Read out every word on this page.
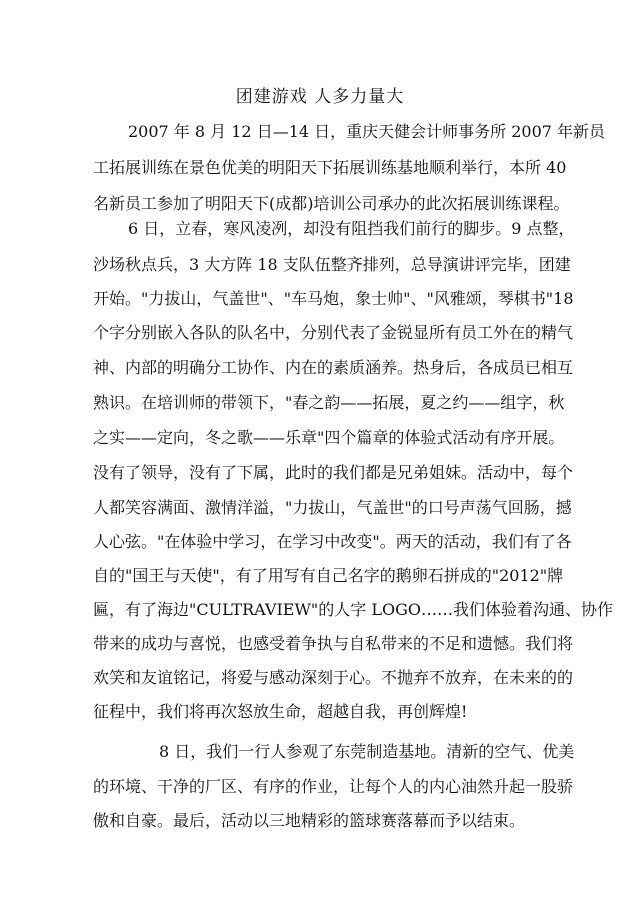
团建游戏 人多力量大
2007 年 8 月 12 日—14 日，重庆天健会计师事务所 2007 年新员
工拓展训练在景色优美的明阳天下拓展训练基地顺利举行，本所 40
名新员工参加了明阳天下(成都)培训公司承办的此次拓展训练课程。
6 日，立春，寒风凌冽，却没有阻挡我们前行的脚步。9 点整，
沙场秋点兵，3 大方阵 18 支队伍整齐排列，总导演讲评完毕，团建
开始。"力拔山，气盖世"、"车马炮，象士帅"、"风雅颂，琴棋书"18
个字分别嵌入各队的队名中，分别代表了金锐显所有员工外在的精气
神、内部的明确分工协作、内在的素质涵养。热身后，各成员已相互
熟识。在培训师的带领下，"春之韵——拓展，夏之约——组字，秋
之实——定向，冬之歌——乐章"四个篇章的体验式活动有序开展。
没有了领导，没有了下属，此时的我们都是兄弟姐妹。活动中，每个
人都笑容满面、激情洋溢，"力拔山，气盖世"的口号声荡气回肠，撼
人心弦。"在体验中学习，在学习中改变"。两天的活动，我们有了各
自的"国王与天使"，有了用写有自己名字的鹅卵石拼成的"2012"牌
匾，有了海边"CULTRAVIEW"的人字 LOGO……我们体验着沟通、协作
带来的成功与喜悦，也感受着争执与自私带来的不足和遗憾。我们将
欢笑和友谊铭记，将爱与感动深刻于心。不抛弃不放弃，在未来的的
征程中，我们将再次怒放生命，超越自我，再创辉煌!
8 日，我们一行人参观了东莞制造基地。清新的空气、优美
的环境、干净的厂区、有序的作业，让每个人的内心油然升起一股骄
傲和自豪。最后，活动以三地精彩的篮球赛落幕而予以结束。
